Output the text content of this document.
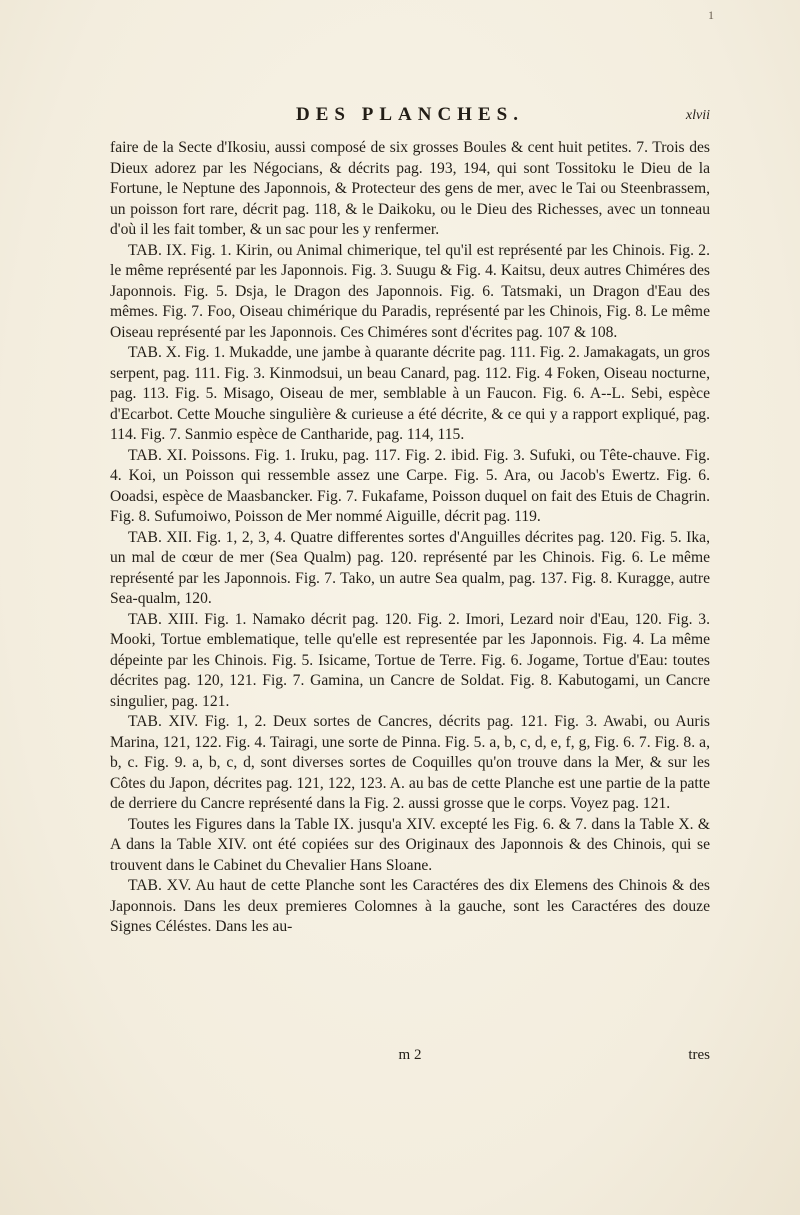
1
DES PLANCHES.	xlvii

faire de la Secte d'Ikosiu, aussi composé de six grosses Boules & cent huit petites. 7. Trois des Dieux adorez par les Négocians, & décrits pag. 193, 194, qui sont Tossitoku le Dieu de la Fortune, le Neptune des Japonnois, & Protecteur des gens de mer, avec le Tai ou Steenbrassem, un poisson fort rare, décrit pag. 118, & le Daikoku, ou le Dieu des Richesses, avec un tonneau d'où il les fait tomber, & un sac pour les y renfermer.

TAB. IX. Fig. 1. Kirin, ou Animal chimerique, tel qu'il est représenté par les Chinois. Fig. 2. le même représenté par les Japonnois. Fig. 3. Suugu & Fig. 4. Kaitsu, deux autres Chiméres des Japonnois. Fig. 5. Dsja, le Dragon des Japonnois. Fig. 6. Tatsmaki, un Dragon d'Eau des mêmes. Fig. 7. Foo, Oiseau chimérique du Paradis, représenté par les Chinois, Fig. 8. Le même Oiseau représenté par les Japonnois. Ces Chiméres sont d'écrites pag. 107 & 108.

TAB. X. Fig. 1. Mukadde, une jambe à quarante décrite pag. 111. Fig. 2. Jamakagats, un gros serpent, pag. 111. Fig. 3. Kinmodsui, un beau Canard, pag. 112. Fig. 4 Foken, Oiseau nocturne, pag. 113. Fig. 5. Misago, Oiseau de mer, semblable à un Faucon. Fig. 6. A--L. Sebi, espèce d'Ecarbot. Cette Mouche singulière & curieuse a été décrite, & ce qui y a rapport expliqué, pag. 114. Fig. 7. Sanmio espèce de Cantharide, pag. 114, 115.

TAB. XI. Poissons. Fig. 1. Iruku, pag. 117. Fig. 2. ibid. Fig. 3. Sufuki, ou Tête-chauve. Fig. 4. Koi, un Poisson qui ressemble assez une Carpe. Fig. 5. Ara, ou Jacob's Ewertz. Fig. 6. Ooadsi, espèce de Maasbancker. Fig. 7. Fukafame, Poisson duquel on fait des Etuis de Chagrin. Fig. 8. Sufumoiwo, Poisson de Mer nommé Aiguille, décrit pag. 119.

TAB. XII. Fig. 1, 2, 3, 4. Quatre differentes sortes d'Anguilles décrites pag. 120. Fig. 5. Ika, un mal de cœur de mer (Sea Qualm) pag. 120. représenté par les Chinois. Fig. 6. Le même représenté par les Japonnois. Fig. 7. Tako, un autre Sea qualm, pag. 137. Fig. 8. Kuragge, autre Sea-qualm, 120.

TAB. XIII. Fig. 1. Namako décrit pag. 120. Fig. 2. Imori, Lezard noir d'Eau, 120. Fig. 3. Mooki, Tortue emblematique, telle qu'elle est representée par les Japonnois. Fig. 4. La même dépeinte par les Chinois. Fig. 5. Isicame, Tortue de Terre. Fig. 6. Jogame, Tortue d'Eau: toutes décrites pag. 120, 121. Fig. 7. Gamina, un Cancre de Soldat. Fig. 8. Kabutogami, un Cancre singulier, pag. 121.

TAB. XIV. Fig. 1, 2. Deux sortes de Cancres, décrits pag. 121. Fig. 3. Awabi, ou Auris Marina, 121, 122. Fig. 4. Tairagi, une sorte de Pinna. Fig. 5. a, b, c, d, e, f, g, Fig. 6. 7. Fig. 8. a, b, c. Fig. 9. a, b, c, d, sont diverses sortes de Coquilles qu'on trouve dans la Mer, & sur les Côtes du Japon, décrites pag. 121, 122, 123. A. au bas de cette Planche est une partie de la patte de derriere du Cancre représenté dans la Fig. 2. aussi grosse que le corps. Voyez pag. 121.

Toutes les Figures dans la Table IX. jusqu'a XIV. excepté les Fig. 6. & 7. dans la Table X. & A dans la Table XIV. ont été copiées sur des Originaux des Japonnois & des Chinois, qui se trouvent dans le Cabinet du Chevalier Hans Sloane.

TAB. XV. Au haut de cette Planche sont les Caractéres des dix Elemens des Chinois & des Japonnois. Dans les deux premieres Colomnes à la gauche, sont les Caractéres des douze Signes Céléstes. Dans les au-

m 2	tres
